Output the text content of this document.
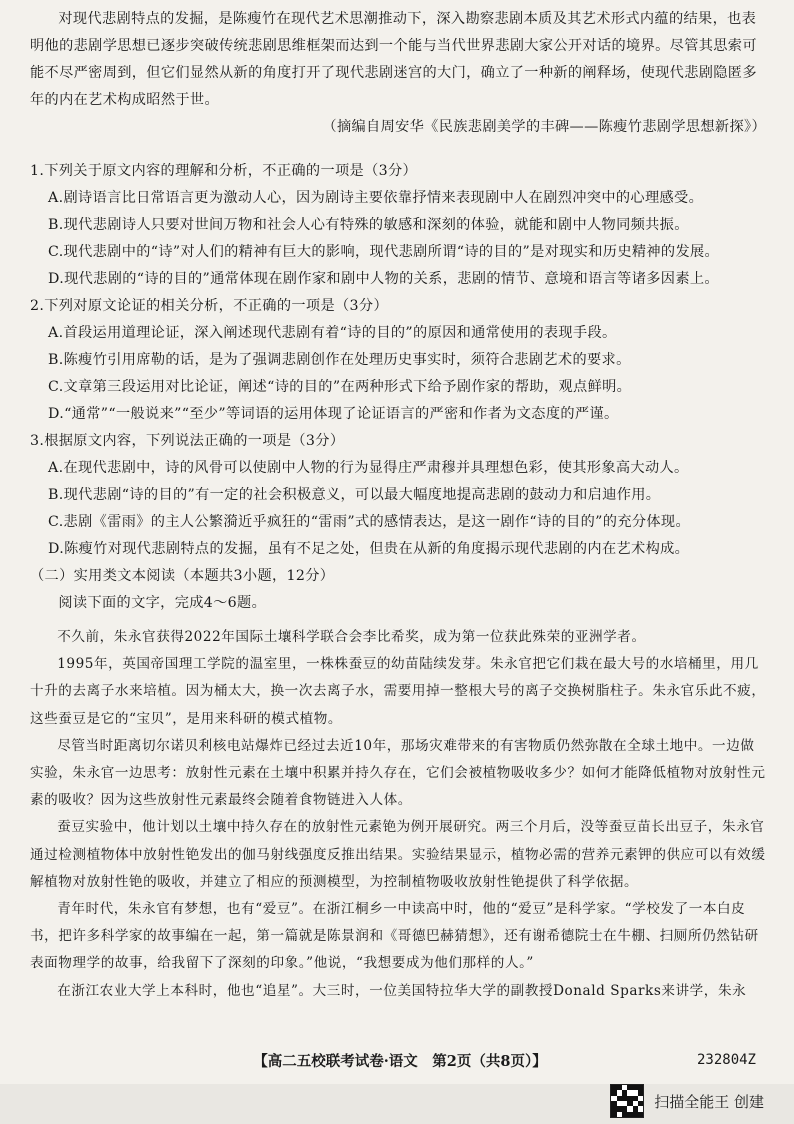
对现代悲剧特点的发掘，是陈瘦竹在现代艺术思潮推动下，深入勘察悲剧本质及其艺术形式内蕴的结果，也表明他的悲剧学思想已逐步突破传统悲剧思维框架而达到一个能与当代世界悲剧大家公开对话的境界。尽管其思索可能不尽严密周到，但它们显然从新的角度打开了现代悲剧迷宫的大门，确立了一种新的阐释场，使现代悲剧隐匿多年的内在艺术构成昭然于世。

（摘编自周安华《民族悲剧美学的丰碑——陈瘦竹悲剧学思想新探》）

1.下列关于原文内容的理解和分析，不正确的一项是（3分）

A.剧诗语言比日常语言更为激动人心，因为剧诗主要依靠抒情来表现剧中人在剧烈冲突中的心理感受。

B.现代悲剧诗人只要对世间万物和社会人心有特殊的敏感和深刻的体验，就能和剧中人物同频共振。

C.现代悲剧中的“诗”对人们的精神有巨大的影响，现代悲剧所谓“诗的目的”是对现实和历史精神的发展。

D.现代悲剧的“诗的目的”通常体现在剧作家和剧中人物的关系，悲剧的情节、意境和语言等诸多因素上。

2.下列对原文论证的相关分析，不正确的一项是（3分）

A.首段运用道理论证，深入阐述现代悲剧有着“诗的目的”的原因和通常使用的表现手段。

B.陈瘦竹引用席勒的话，是为了强调悲剧创作在处理历史事实时，须符合悲剧艺术的要求。

C.文章第三段运用对比论证，阐述“诗的目的”在两种形式下给予剧作家的帮助，观点鲜明。

D.“通常”“一般说来”“至少”等词语的运用体现了论证语言的严密和作者为文态度的严谨。

3.根据原文内容，下列说法正确的一项是（3分）

A.在现代悲剧中，诗的风骨可以使剧中人物的行为显得庄严肃穆并具理想色彩，使其形象高大动人。

B.现代悲剧“诗的目的”有一定的社会积极意义，可以最大幅度地提高悲剧的鼓动力和启迪作用。

C.悲剧《雷雨》的主人公繁漪近乎疯狂的“雷雨”式的感情表达，是这一剧作“诗的目的”的充分体现。

D.陈瘦竹对现代悲剧特点的发掘，虽有不足之处，但贵在从新的角度揭示现代悲剧的内在艺术构成。

（二）实用类文本阅读（本题共3小题，12分）

阅读下面的文字，完成4～6题。

不久前，朱永官获得2022年国际土壤科学联合会李比希奖，成为第一位获此殊荣的亚洲学者。

1995年，英国帝国理工学院的温室里，一株株蚕豆的幼苗陆续发芽。朱永官把它们栽在最大号的水培桶里，用几十升的去离子水来培植。因为桶太大，换一次去离子水，需要用掉一整根大号的离子交换树脂柱子。朱永官乐此不疲，这些蚕豆是它的“宝贝”，是用来科研的模式植物。

尽管当时距离切尔诺贝利核电站爆炸已经过去近10年，那场灾难带来的有害物质仍然弥散在全球土地中。一边做实验，朱永官一边思考：放射性元素在土壤中积累并持久存在，它们会被植物吸收多少？如何才能降低植物对放射性元素的吸收？因为这些放射性元素最终会随着食物链进入人体。

蚕豆实验中，他计划以土壤中持久存在的放射性元素铯为例开展研究。两三个月后，没等蚕豆苗长出豆子，朱永官通过检测植物体中放射性铯发出的伽马射线强度反推出结果。实验结果显示，植物必需的营养元素钾的供应可以有效缓解植物对放射性铯的吸收，并建立了相应的预测模型，为控制植物吸收放射性铯提供了科学依据。

青年时代，朱永官有梦想，也有“爱豆”。在浙江桐乡一中读高中时，他的“爱豆”是科学家。“学校发了一本白皮书，把许多科学家的故事编在一起，第一篇就是陈景润和《哥德巴赫猜想》，还有谢希德院士在牛棚、扫厕所仍然钻研表面物理学的故事，给我留下了深刻的印象。”他说，“我想要成为他们那样的人。”

在浙江农业大学上本科时，他也“追星”。大三时，一位美国特拉华大学的副教授Donald Sparks来讲学，朱永

【高二五校联考试卷·语文　第2页（共8页）】	232804Z
扫描全能王 创建
